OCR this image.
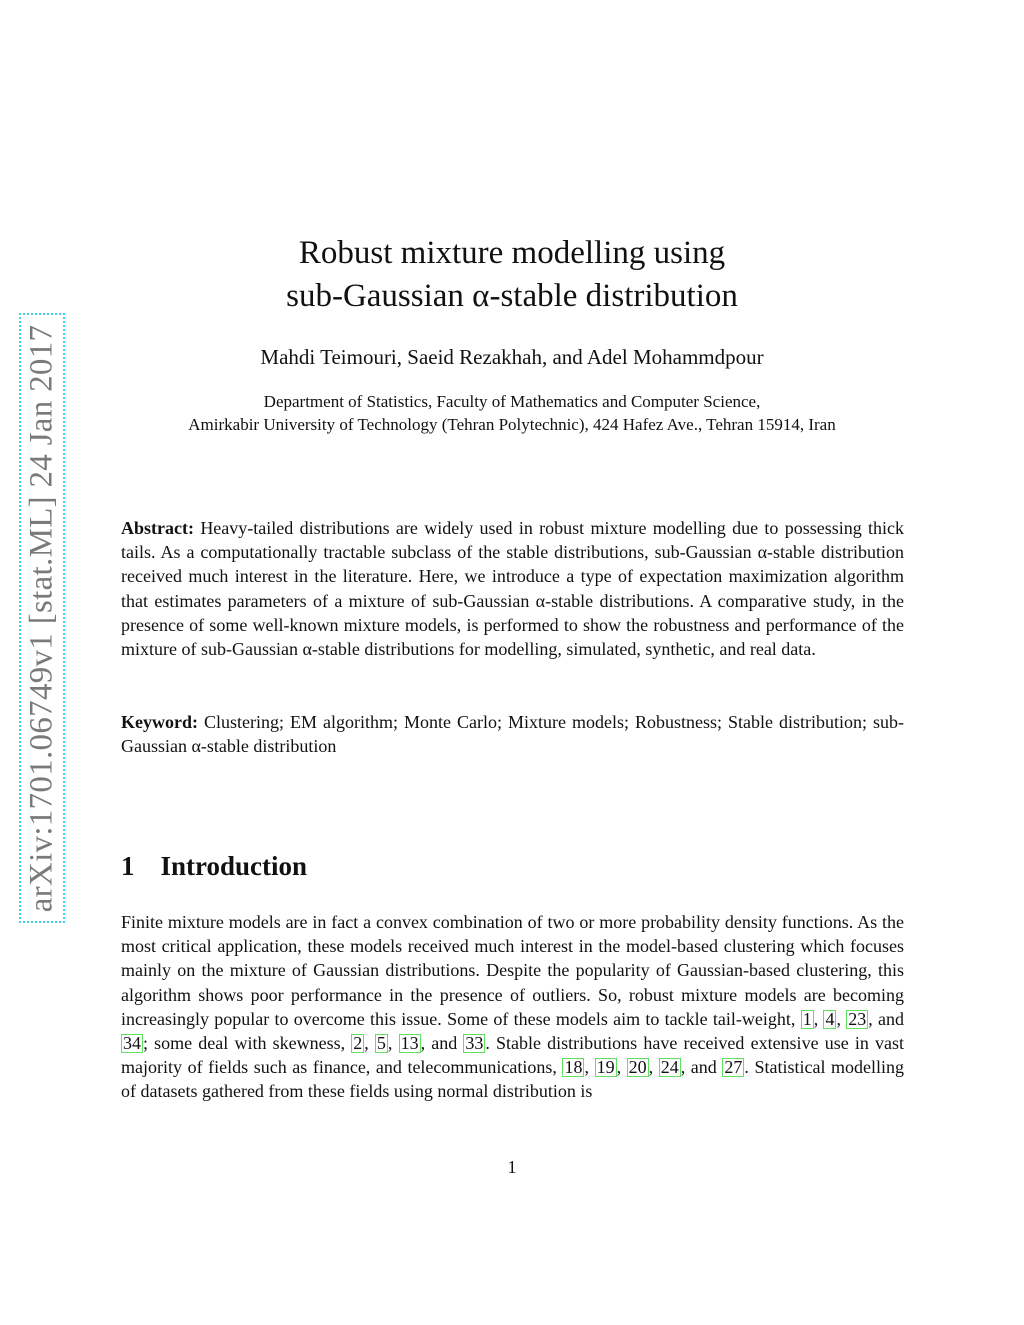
arXiv:1701.06749v1 [stat.ML] 24 Jan 2017
Robust mixture modelling using
sub-Gaussian α-stable distribution
Mahdi Teimouri, Saeid Rezakhah, and Adel Mohammdpour
Department of Statistics, Faculty of Mathematics and Computer Science,
Amirkabir University of Technology (Tehran Polytechnic), 424 Hafez Ave., Tehran 15914, Iran
Abstract: Heavy-tailed distributions are widely used in robust mixture modelling due to possessing thick tails. As a computationally tractable subclass of the stable distributions, sub-Gaussian α-stable distribution received much interest in the literature. Here, we introduce a type of expectation maximization algorithm that estimates parameters of a mixture of sub-Gaussian α-stable distributions. A comparative study, in the presence of some well-known mixture models, is performed to show the robustness and performance of the mixture of sub-Gaussian α-stable distributions for modelling, simulated, synthetic, and real data.
Keyword: Clustering; EM algorithm; Monte Carlo; Mixture models; Robustness; Stable distribution; sub-Gaussian α-stable distribution
1 Introduction
Finite mixture models are in fact a convex combination of two or more probability density functions. As the most critical application, these models received much interest in the model-based clustering which focuses mainly on the mixture of Gaussian distributions. Despite the popularity of Gaussian-based clustering, this algorithm shows poor performance in the presence of outliers. So, robust mixture models are becoming increasingly popular to overcome this issue. Some of these models aim to tackle tail-weight, 1 , 4 , 23 , and 34 ; some deal with skewness, 2 , 5 , 13 , and 33 . Stable distributions have received extensive use in vast majority of fields such as finance, and telecommunications, 18 , 19 , 20 , 24 , and 27 . Statistical modelling of datasets gathered from these fields using normal distribution is
1
